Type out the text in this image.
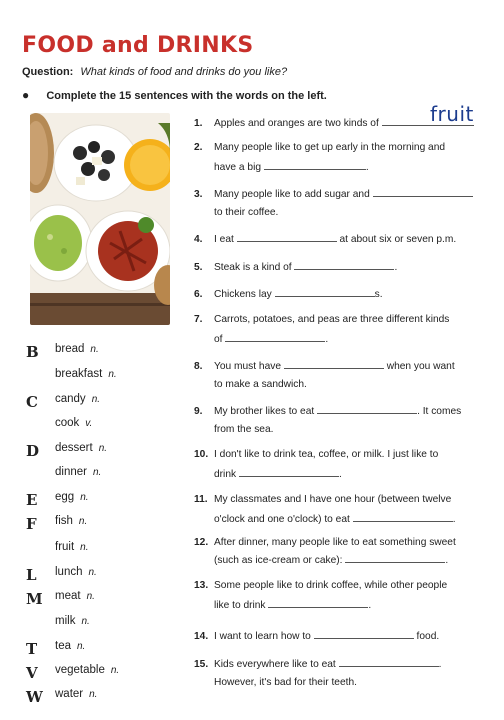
FOOD and DRINKS
Question: What kinds of food and drinks do you like?
● Complete the 15 sentences with the words on the left.
B
C
D
E
F
L
M
T
V
W
bread n.
breakfast n.
candy n.
cook v.
dessert n.
dinner n.
egg n.
fish n.
fruit n.
lunch n.
meat n.
milk n.
tea n.
vegetable n.
water n.
fruit
1. Apples and oranges are two kinds of
2. Many people like to get up early in the morning and
have a big	.
3. Many people like to add sugar and
to their coffee.
4. I eat	at about six or seven p.m.
5. Steak is a kind of	.
6. Chickens lay	s.
7. Carrots, potatoes, and peas are three different kinds
of	.
8. You must have	when you want
to make a sandwich.
9. My brother likes to eat	. It comes
from the sea.
10. I don't like to drink tea, coffee, or milk. I just like to
drink	.
11. My classmates and I have one hour (between twelve
o'clock and one o'clock) to eat	.
12. After dinner, many people like to eat something sweet
(such as ice-cream or cake):	.
13. Some people like to drink coffee, while other people
like to drink	.
14. I want to learn how to	food.
15. Kids everywhere like to eat	.
However, it's bad for their teeth.
